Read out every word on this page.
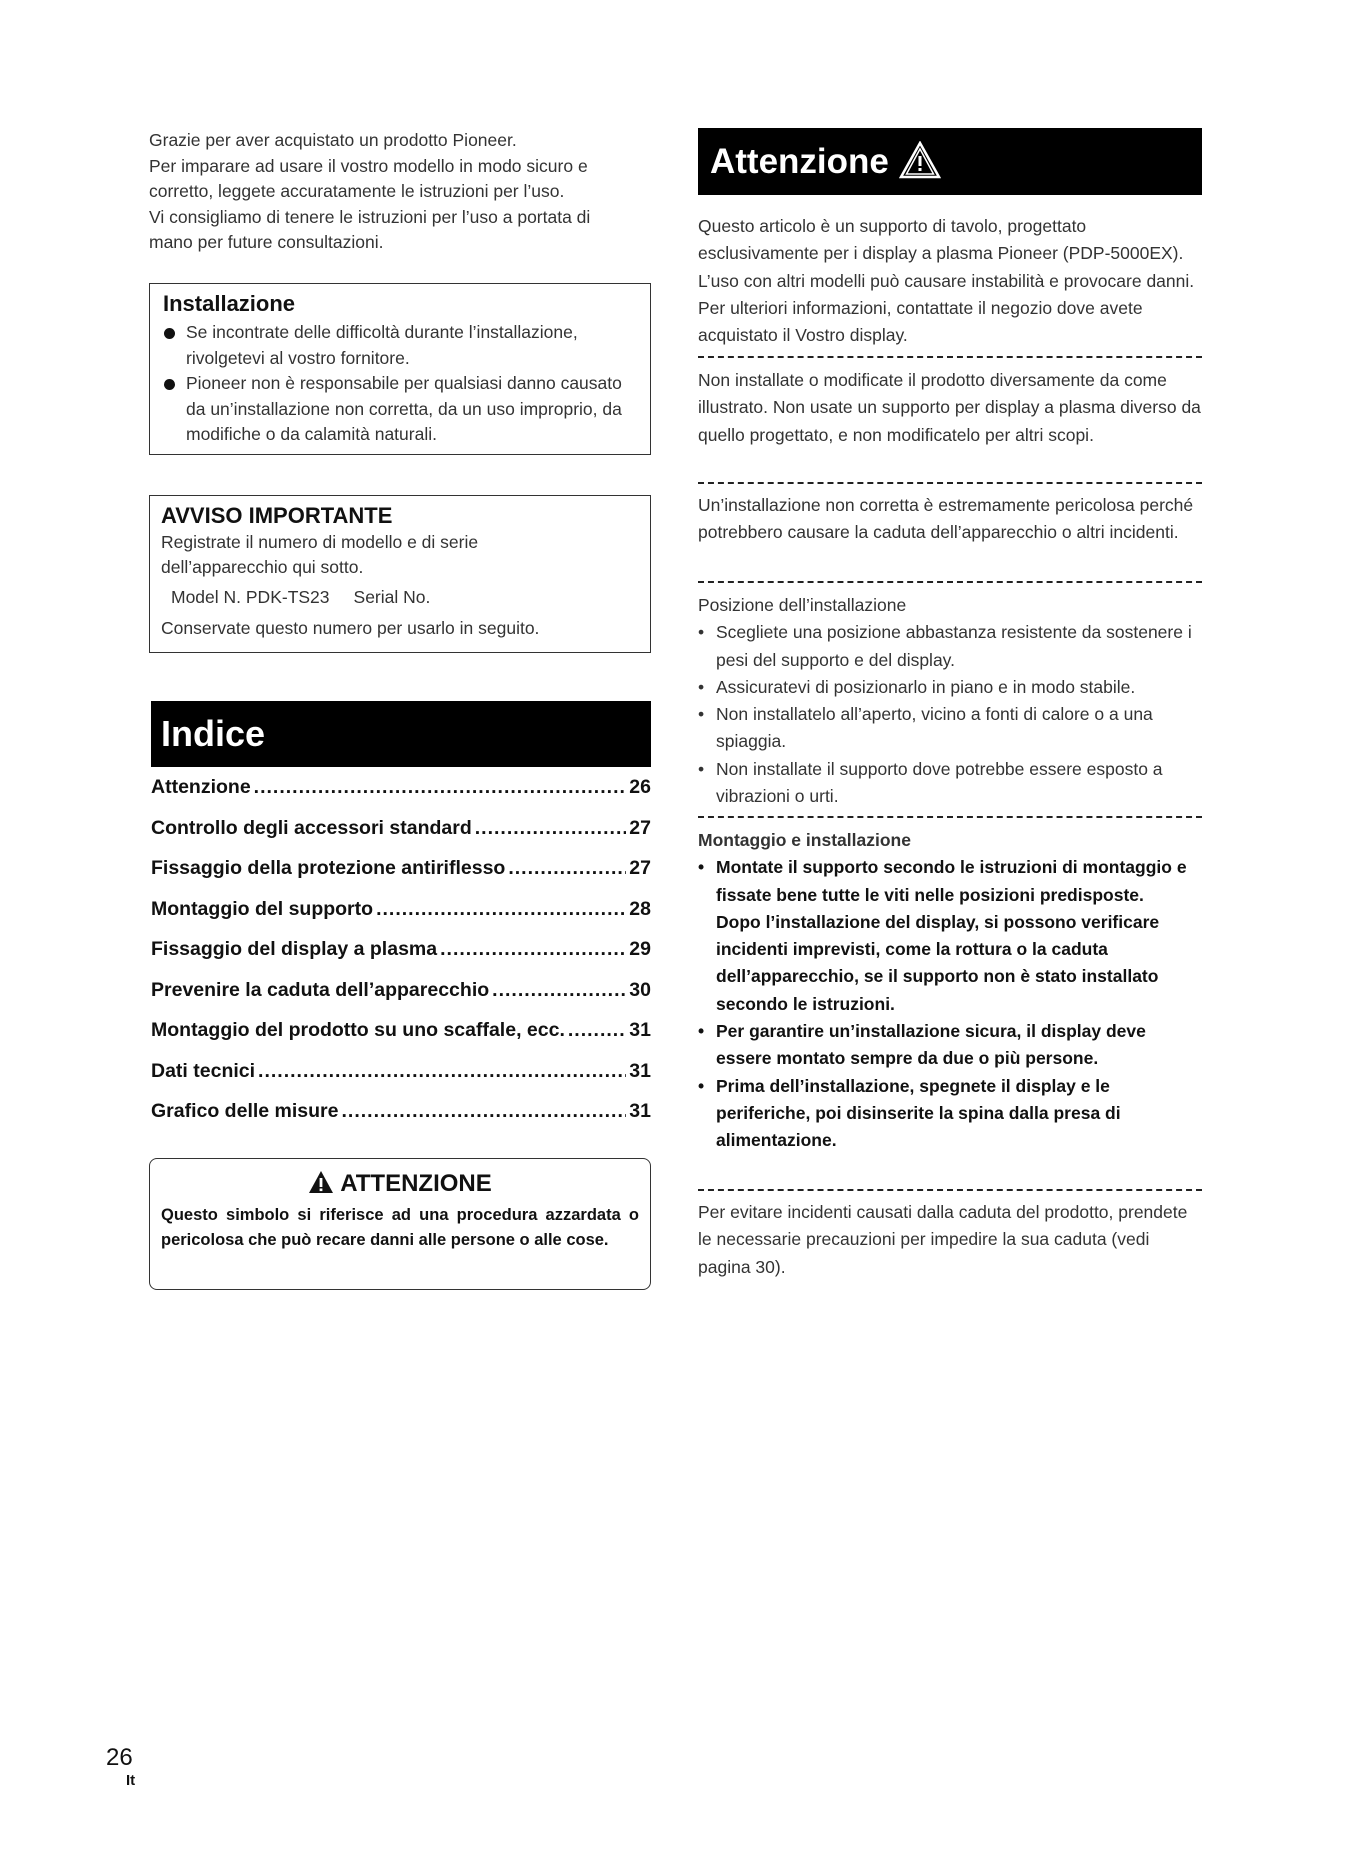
Grazie per aver acquistato un prodotto Pioneer.

Per imparare ad usare il vostro modello in modo sicuro e

corretto, leggete accuratamente le istruzioni per l’uso.

Vi consigliamo di tenere le istruzioni per l’uso a portata di

mano per future consultazioni.

Installazione
Se incontrate delle difficoltà durante l’installazione, rivolgetevi al vostro fornitore.
Pioneer non è responsabile per qualsiasi danno causato da un’installazione non corretta, da un uso improprio, da modifiche o da calamità naturali.
AVVISO IMPORTANTE

Registrate il numero di modello e di serie

dell’apparecchio qui sotto.

Model N. PDK-TS23 Serial No.

Conservate questo numero per usarlo in seguito.

Indice
Attenzione .....	26
Controllo degli accessori standard .....	27
Fissaggio della protezione antiriflesso .....	27
Montaggio del supporto .....	28
Fissaggio del display a plasma .....	29
Prevenire la caduta dell’apparecchio .....	30
Montaggio del prodotto su uno scaffale, ecc. .....	31
Dati tecnici .....	31
Grafico delle misure .....	31
ATTENZIONE

Questo simbolo si riferisce ad una procedura azzardata o pericolosa che può recare danni alle persone o alle cose.

Attenzione

Questo articolo è un supporto di tavolo, progettato esclusivamente per i display a plasma Pioneer (PDP-5000EX). L’uso con altri modelli può causare instabilità e provocare danni. Per ulteriori informazioni, contattate il negozio dove avete acquistato il Vostro display.

Non installate o modificate il prodotto diversamente da come illustrato. Non usate un supporto per display a plasma diverso da quello progettato, e non modificatelo per altri scopi.

Un’installazione non corretta è estremamente pericolosa perché potrebbero causare la caduta dell’apparecchio o altri incidenti.

Posizione dell’installazione

• Scegliete una posizione abbastanza resistente da sostenere i pesi del supporto e del display.
• Assicuratevi di posizionarlo in piano e in modo stabile.
• Non installatelo all’aperto, vicino a fonti di calore o a una spiaggia.
• Non installate il supporto dove potrebbe essere esposto a vibrazioni o urti.

Montaggio e installazione

• Montate il supporto secondo le istruzioni di montaggio e fissate bene tutte le viti nelle posizioni predisposte.
Dopo l’installazione del display, si possono verificare incidenti imprevisti, come la rottura o la caduta dell’apparecchio, se il supporto non è stato installato secondo le istruzioni.
• Per garantire un’installazione sicura, il display deve essere montato sempre da due o più persone.
• Prima dell’installazione, spegnete il display e le periferiche, poi disinserite la spina dalla presa di alimentazione.

Per evitare incidenti causati dalla caduta del prodotto, prendete le necessarie precauzioni per impedire la sua caduta (vedi pagina 30).

26
It
